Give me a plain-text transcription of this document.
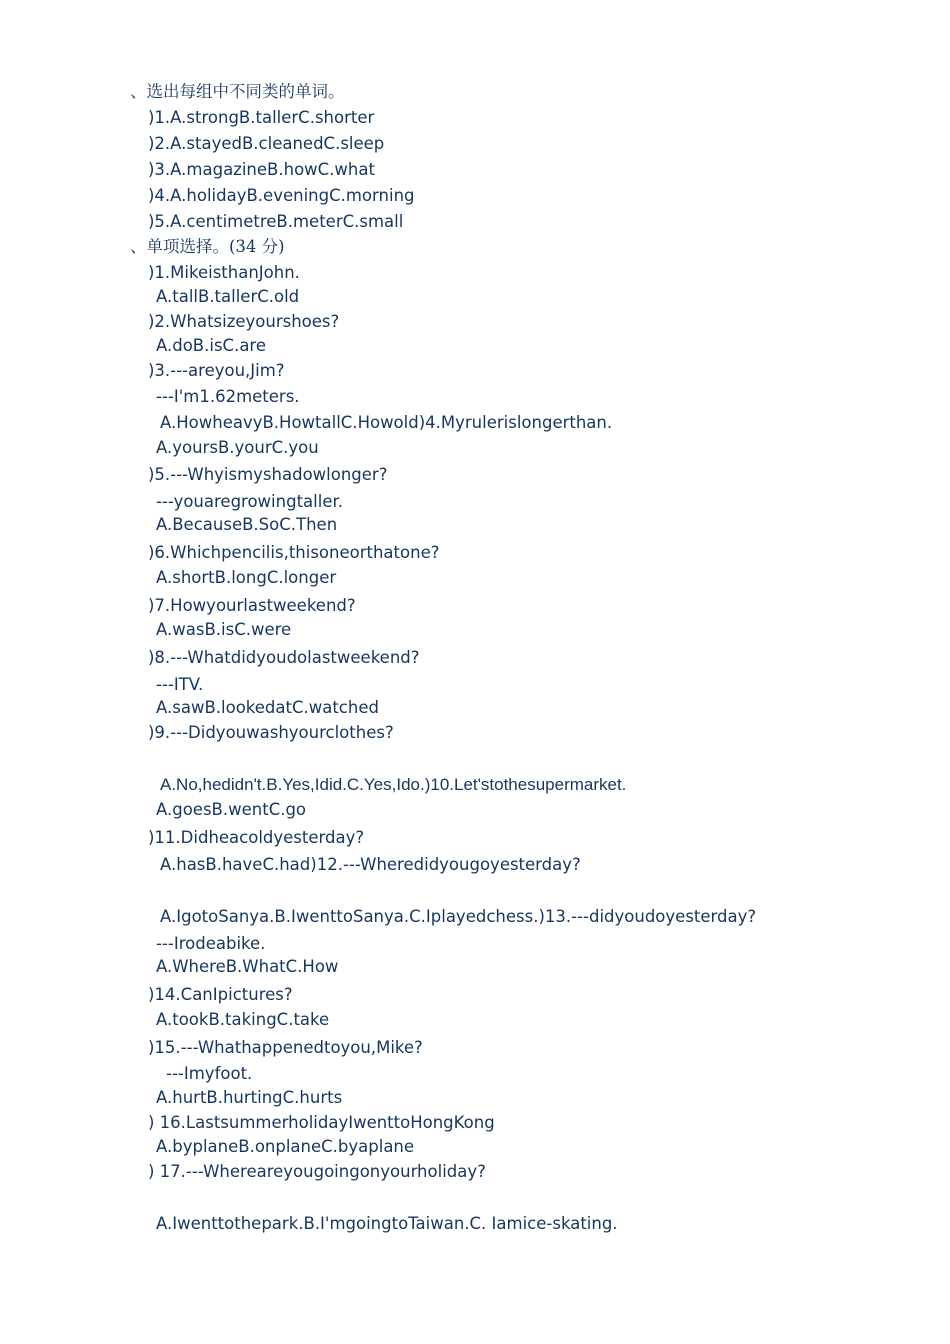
、选出每组中不同类的单词。
)1.A.strongB.tallerC.shorter
)2.A.stayedB.cleanedC.sleep
)3.A.magazineB.howC.what
)4.A.holidayB.eveningC.morning
)5.A.centimetreB.meterC.small
、单项选择。(34 分)
)1.MikeisthanJohn.
A.tallB.tallerC.old
)2.Whatsizeyourshoes?
A.doB.isC.are
)3.---areyou,Jim?
---I'm1.62meters.
A.HowheavyB.HowtallC.Howold)4.Myrulerislongerthan.
A.yoursB.yourC.you
)5.---Whyismyshadowlonger?
---youaregrowingtaller.
A.BecauseB.SoC.Then
)6.Whichpencilis,thisoneorthatone?
A.shortB.longC.longer
)7.Howyourlastweekend?
A.wasB.isC.were
)8.---Whatdidyoudolastweekend?
---ITV.
A.sawB.lookedatC.watched
)9.---Didyouwashyourclothes?
A.No,hedidn't.B.Yes,Idid.C.Yes,Ido.)10.Let'stothesupermarket.
A.goesB.wentC.go
)11.Didheacoldyesterday?
A.hasB.haveC.had)12.---Wheredidyougoyesterday?
A.IgotoSanya.B.IwenttoSanya.C.Iplayedchess.)13.---didyoudoyesterday?
---Irodeabike.
A.WhereB.WhatC.How
)14.CanIpictures?
A.tookB.takingC.take
)15.---Whathappenedtoyou,Mike?
---Imyfoot.
A.hurtB.hurtingC.hurts
) 16.LastsummerholidayIwenttoHongKong
A.byplaneB.onplaneC.byaplane
) 17.---Whereareyougoingonyourholiday?
A.Iwenttothepark.B.I'mgoingtoTaiwan.C. Iamice-skating.
